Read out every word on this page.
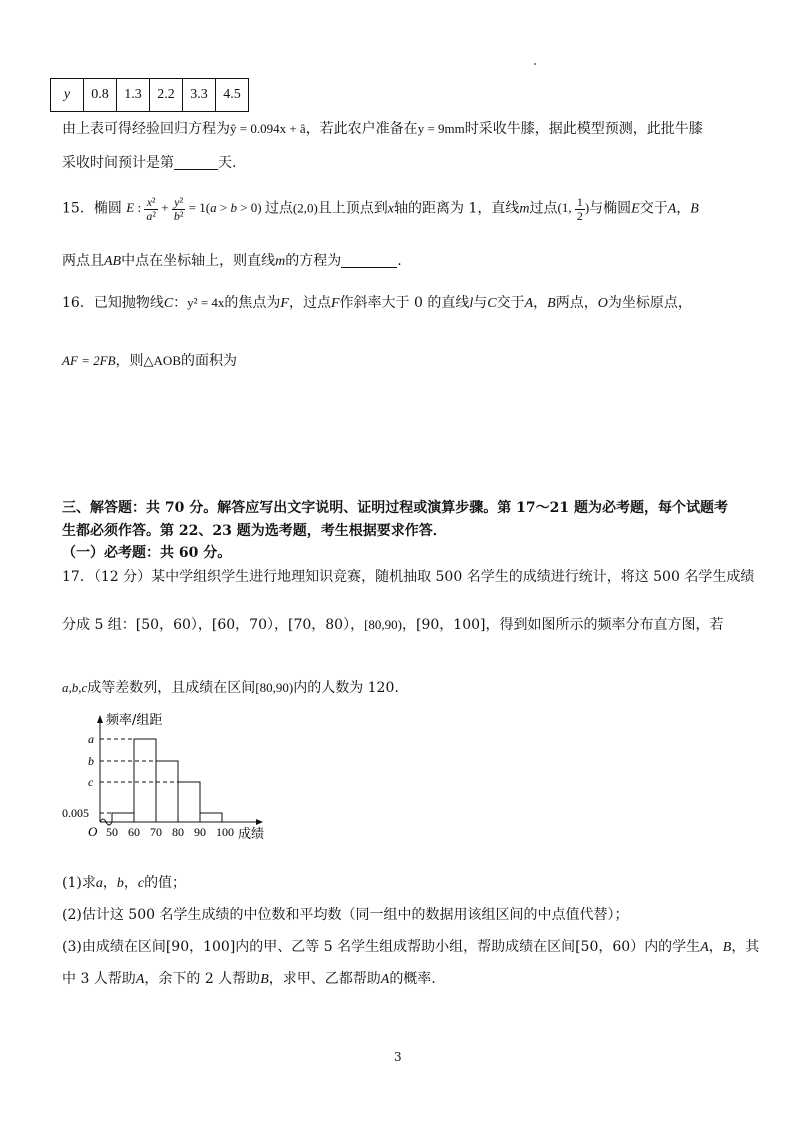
y	0.8	1.3	2.2	3.3	4.5
由上表可得经验回归方程为ŷ = 0.094x + â，若此农户准备在y = 9mm时采收牛膝，据此模型预测，此批牛膝
采收时间预计是第	天.
15．椭圆 E : $\frac{\text{x²}}{\text{a²}} + \frac{\text{y²}}{\text{b²}} = 1(a > b > 0)$ 过点(2,0)且上顶点到x轴的距离为 1，直线m过点(1, $\frac{1}{2}$ )与椭圆E交于A，B
两点且AB中点在坐标轴上，则直线m的方程为	.
16．已知抛物线C：y² = 4x的焦点为F，过点F作斜率大于 0 的直线l与C交于A，B两点，O为坐标原点，
AF = 2FB，则△AOB的面积为
三、解答题：共 70 分。解答应写出文字说明、证明过程或演算步骤。第 17～21 题为必考题，每个试题考
生都必须作答。第 22、23 题为选考题，考生根据要求作答．
（一）必考题：共 60 分。
17．（12 分）某中学组织学生进行地理知识竞赛，随机抽取 500 名学生的成绩进行统计，将这 500 名学生成绩
分成 5 组：[50，60），[60，70），[70，80），[80,90)，[90，100]，得到如图所示的频率分布直方图，若
a,b,c成等差数列，且成绩在区间[80,90)内的人数为 120.
频率/组距
O	成绩
50 60 70 80 90 100
a
b
c
0.005
(1)求a，b，c的值；
(2)估计这 500 名学生成绩的中位数和平均数（同一组中的数据用该组区间的中点值代替）；
(3)由成绩在区间[90，100]内的甲、乙等 5 名学生组成帮助小组，帮助成绩在区间[50，60）内的学生A，B，其
中 3 人帮助A，余下的 2 人帮助B，求甲、乙都帮助A的概率.
3
